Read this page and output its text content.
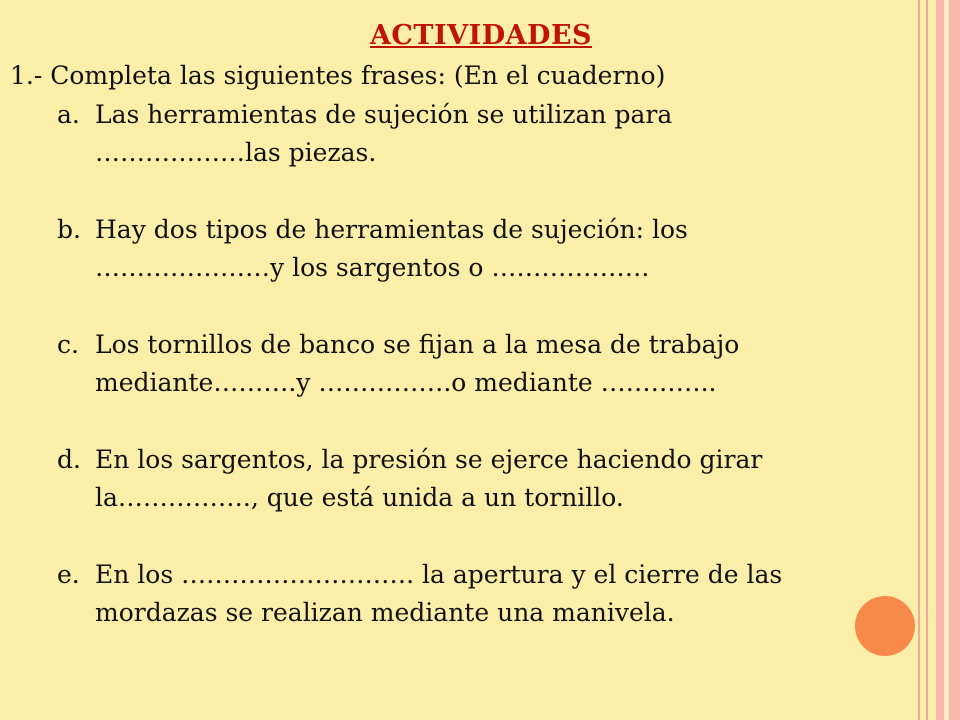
ACTIVIDADES
1.- Completa las siguientes frases: (En el cuaderno)
a. Las herramientas de sujeción se utilizan para
………………las piezas.
b. Hay dos tipos de herramientas de sujeción: los
…………………y los sargentos o ……………….
c. Los tornillos de banco se fijan a la mesa de trabajo
mediante……….y …………….o mediante …………..
d. En los sargentos, la presión se ejerce haciendo girar
la……………., que está unida a un tornillo.
e. En los ………………………. la apertura y el cierre de las
mordazas se realizan mediante una manivela.
